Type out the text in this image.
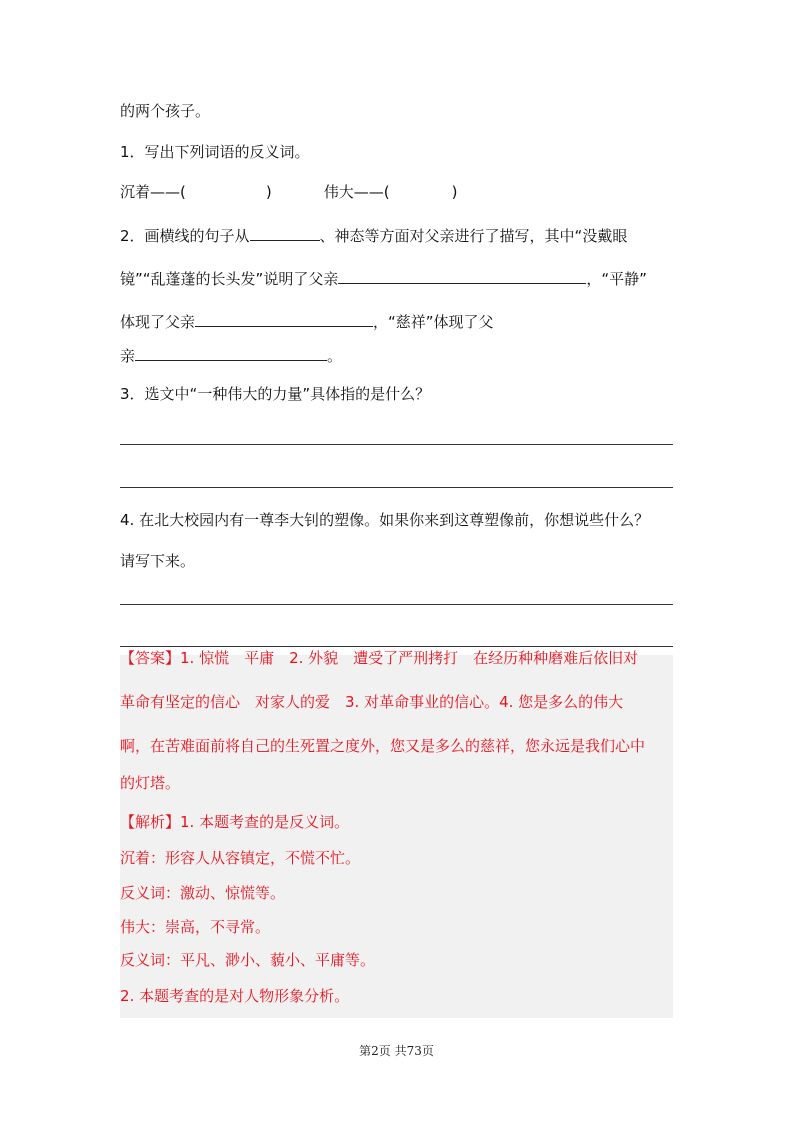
的两个孩子。
1．写出下列词语的反义词。
沉着——(	)	伟大——(	)
2．画横线的句子从	、神态等方面对父亲进行了描写，其中“没戴眼
镜”“乱蓬蓬的长头发”说明了父亲	，“平静”
体现了父亲	，“慈祥”体现了父
亲	。
3．选文中“一种伟大的力量”具体指的是什么？
4. 在北大校园内有一尊李大钊的塑像。如果你来到这尊塑像前，你想说些什么？
请写下来。
【答案】1. 惊慌　平庸　2. 外貌　遭受了严刑拷打　在经历种种磨难后依旧对
革命有坚定的信心　对家人的爱　3. 对革命事业的信心。4. 您是多么的伟大
啊，在苦难面前将自己的生死置之度外，您又是多么的慈祥，您永远是我们心中
的灯塔。
【解析】1. 本题考查的是反义词。
沉着：形容人从容镇定，不慌不忙。
反义词：激动、惊慌等。
伟大：崇高，不寻常。
反义词：平凡、渺小、藐小、平庸等。
第2页 共73页
2. 本题考查的是对人物形象分析。
